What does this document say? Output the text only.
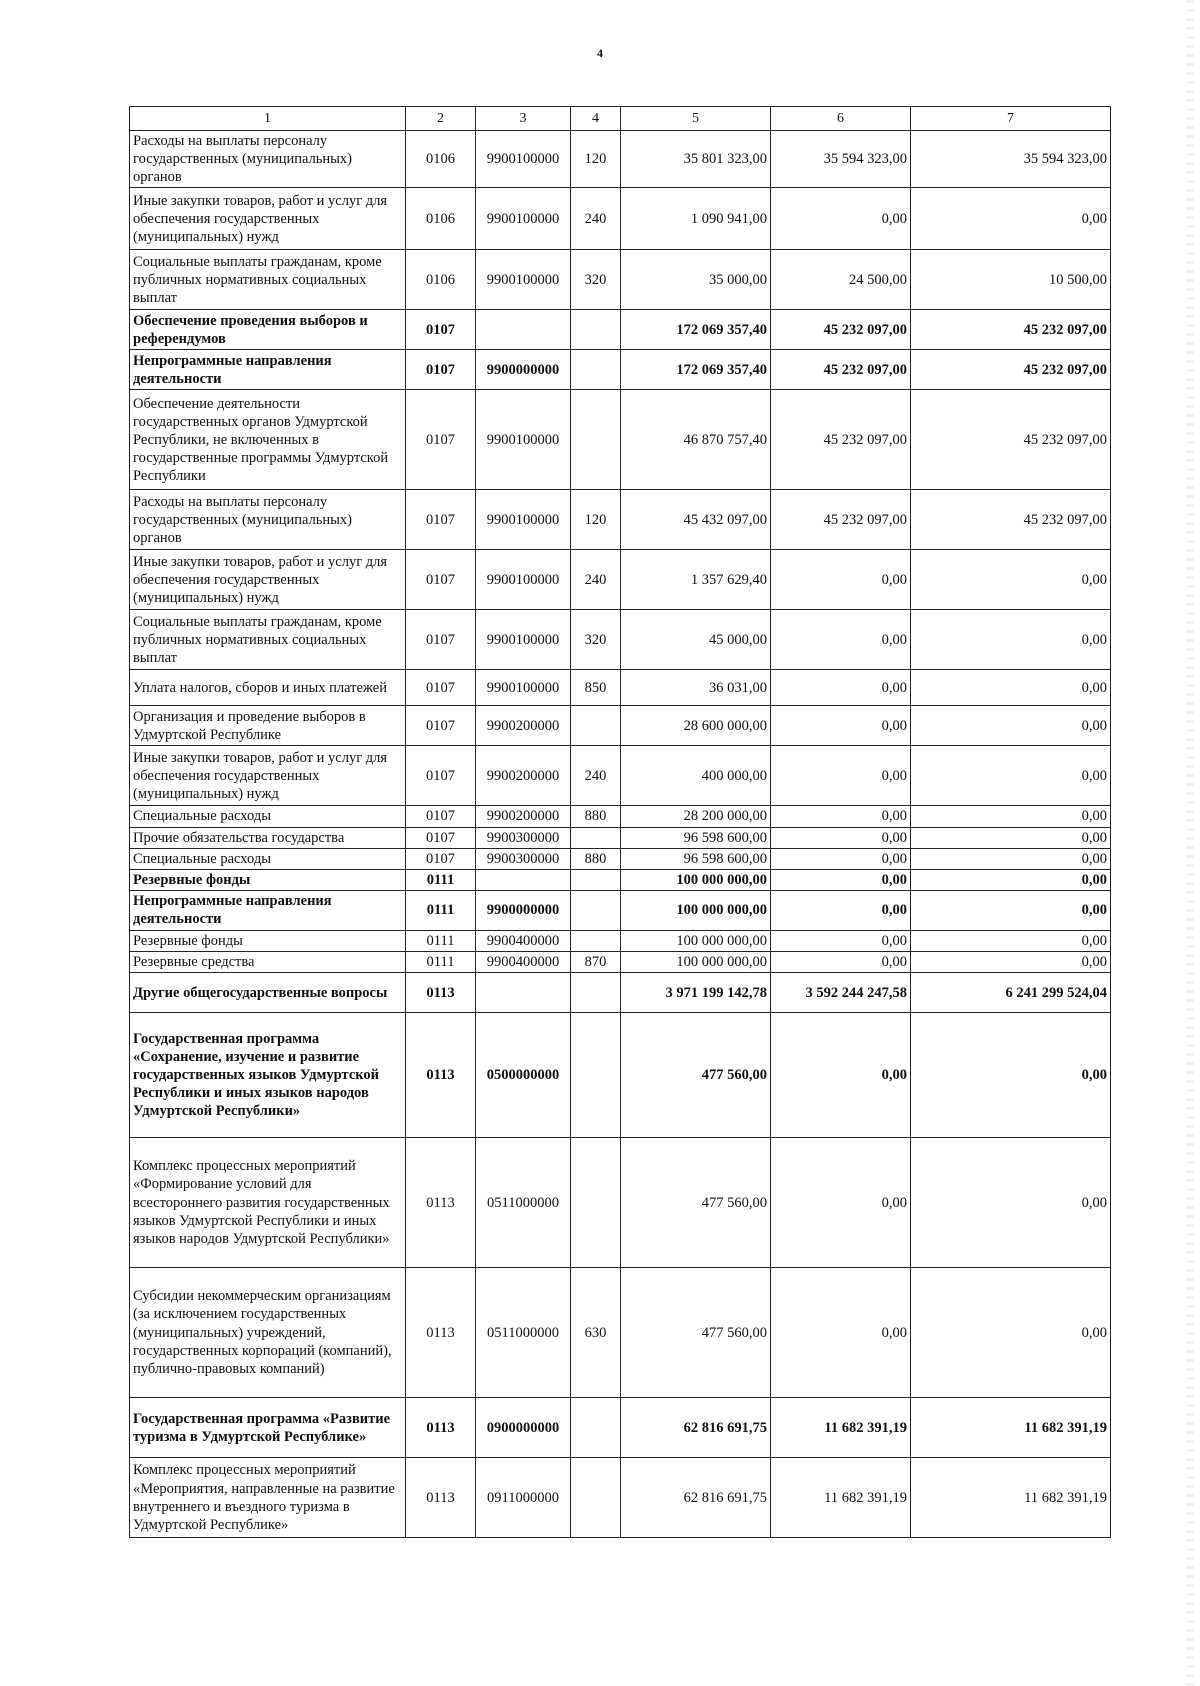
4
1	2	3	4	5	6	7
Расходы на выплаты персоналу государственных (муниципальных) органов	0106	9900100000	120	35 801 323,00	35 594 323,00	35 594 323,00
Иные закупки товаров, работ и услуг для обеспечения государственных (муниципальных) нужд	0106	9900100000	240	1 090 941,00	0,00	0,00
Социальные выплаты гражданам, кроме публичных нормативных социальных выплат	0106	9900100000	320	35 000,00	24 500,00	10 500,00
Обеспечение проведения выборов и референдумов	0107			172 069 357,40	45 232 097,00	45 232 097,00
Непрограммные направления деятельности	0107	9900000000		172 069 357,40	45 232 097,00	45 232 097,00
Обеспечение деятельности государственных органов Удмуртской Республики, не включенных в государственные программы Удмуртской Республики	0107	9900100000		46 870 757,40	45 232 097,00	45 232 097,00
Расходы на выплаты персоналу государственных (муниципальных) органов	0107	9900100000	120	45 432 097,00	45 232 097,00	45 232 097,00
Иные закупки товаров, работ и услуг для обеспечения государственных (муниципальных) нужд	0107	9900100000	240	1 357 629,40	0,00	0,00
Социальные выплаты гражданам, кроме публичных нормативных социальных выплат	0107	9900100000	320	45 000,00	0,00	0,00
Уплата налогов, сборов и иных платежей	0107	9900100000	850	36 031,00	0,00	0,00
Организация и проведение выборов в Удмуртской Республике	0107	9900200000		28 600 000,00	0,00	0,00
Иные закупки товаров, работ и услуг для обеспечения государственных (муниципальных) нужд	0107	9900200000	240	400 000,00	0,00	0,00
Специальные расходы	0107	9900200000	880	28 200 000,00	0,00	0,00
Прочие обязательства государства	0107	9900300000		96 598 600,00	0,00	0,00
Специальные расходы	0107	9900300000	880	96 598 600,00	0,00	0,00
Резервные фонды	0111			100 000 000,00	0,00	0,00
Непрограммные направления деятельности	0111	9900000000		100 000 000,00	0,00	0,00
Резервные фонды	0111	9900400000		100 000 000,00	0,00	0,00
Резервные средства	0111	9900400000	870	100 000 000,00	0,00	0,00
Другие общегосударственные вопросы	0113			3 971 199 142,78	3 592 244 247,58	6 241 299 524,04
Государственная программа «Сохранение, изучение и развитие государственных языков Удмуртской Республики и иных языков народов Удмуртской Республики»	0113	0500000000		477 560,00	0,00	0,00
Комплекс процессных мероприятий «Формирование условий для всестороннего развития государственных языков Удмуртской Республики и иных языков народов Удмуртской Республики»	0113	0511000000		477 560,00	0,00	0,00
Субсидии некоммерческим организациям (за исключением государственных (муниципальных) учреждений, государственных корпораций (компаний), публично-правовых компаний)	0113	0511000000	630	477 560,00	0,00	0,00
Государственная программа «Развитие туризма в Удмуртской Республике»	0113	0900000000		62 816 691,75	11 682 391,19	11 682 391,19
Комплекс процессных мероприятий «Мероприятия, направленные на развитие внутреннего и въездного туризма в Удмуртской Республике»	0113	0911000000		62 816 691,75	11 682 391,19	11 682 391,19
